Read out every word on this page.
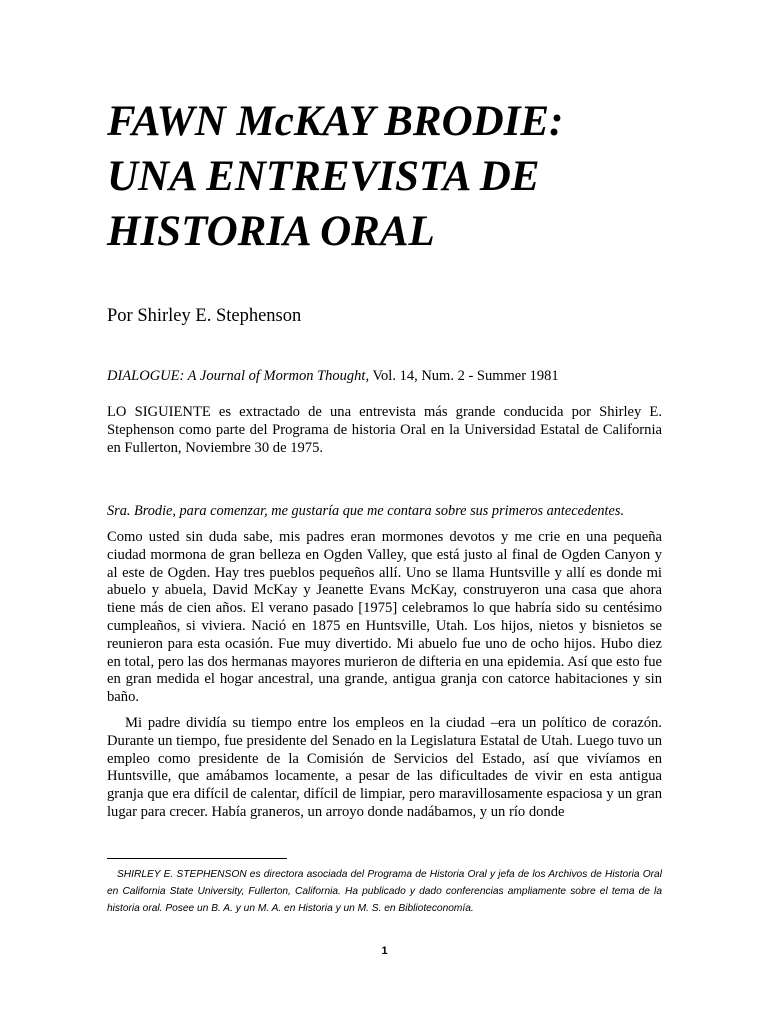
FAWN McKAY BRODIE:
UNA ENTREVISTA DE
HISTORIA ORAL
Por Shirley E. Stephenson
DIALOGUE: A Journal of Mormon Thought, Vol. 14, Num. 2 - Summer 1981

LO SIGUIENTE es extractado de una entrevista más grande conducida por Shirley E. Stephenson como parte del Programa de historia Oral en la Universidad Estatal de California en Fullerton, Noviembre 30 de 1975.

Sra. Brodie, para comenzar, me gustaría que me contara sobre sus primeros antecedentes.

Como usted sin duda sabe, mis padres eran mormones devotos y me crie en una pequeña ciudad mormona de gran belleza en Ogden Valley, que está justo al final de Ogden Canyon y al este de Ogden. Hay tres pueblos pequeños allí. Uno se llama Huntsville y allí es donde mi abuelo y abuela, David McKay y Jeanette Evans McKay, construyeron una casa que ahora tiene más de cien años. El verano pasado [1975] celebramos lo que habría sido su centésimo cumpleaños, si viviera. Nació en 1875 en Huntsville, Utah. Los hijos, nietos y bisnietos se reunieron para esta ocasión. Fue muy divertido. Mi abuelo fue uno de ocho hijos. Hubo diez en total, pero las dos hermanas mayores murieron de difteria en una epidemia. Así que esto fue en gran medida el hogar ancestral, una grande, antigua granja con catorce habitaciones y sin baño.

Mi padre dividía su tiempo entre los empleos en la ciudad –era un político de corazón. Durante un tiempo, fue presidente del Senado en la Legislatura Estatal de Utah. Luego tuvo un empleo como presidente de la Comisión de Servicios del Estado, así que vivíamos en Huntsville, que amábamos locamente, a pesar de las dificultades de vivir en esta antigua granja que era difícil de calentar, difícil de limpiar, pero maravillosamente espaciosa y un gran lugar para crecer. Había graneros, un arroyo donde nadábamos, y un río donde

SHIRLEY E. STEPHENSON es directora asociada del Programa de Historia Oral y jefa de los Archivos de Historia Oral en California State University, Fullerton, California. Ha publicado y dado conferencias ampliamente sobre el tema de la historia oral. Posee un B. A. y un M. A. en Historia y un M. S. en Biblioteconomía.

1
